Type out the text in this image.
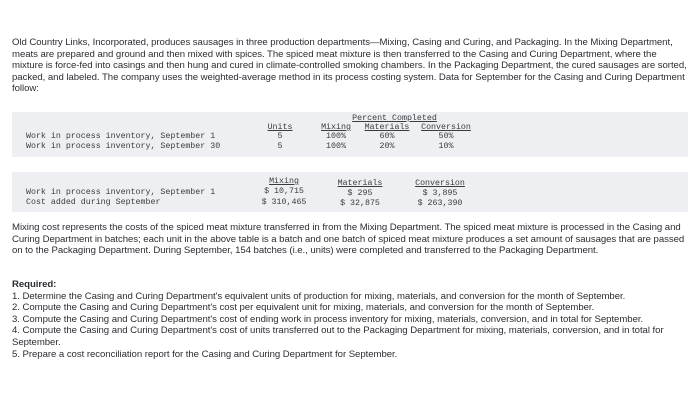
Old Country Links, Incorporated, produces sausages in three production departments—Mixing, Casing and Curing, and Packaging. In the Mixing Department, meats are prepared and ground and then mixed with spices. The spiced meat mixture is then transferred to the Casing and Curing Department, where the mixture is force-fed into casings and then hung and cured in climate-controlled smoking chambers. In the Packaging Department, the cured sausages are sorted, packed, and labeled. The company uses the weighted-average method in its process costing system. Data for September for the Casing and Curing Department follow:
Percent Completed
Units	Mixing	Materials	Conversion
Work in process inventory, September 1	5	100%	60%	50%
Work in process inventory, September 30	5	100%	20%	10%
Mixing	Materials	Conversion
Work in process inventory, September 1	$ 10,715	$ 295	$ 3,895
Cost added during September	$ 310,465	$ 32,875	$ 263,390
Mixing cost represents the costs of the spiced meat mixture transferred in from the Mixing Department. The spiced meat mixture is processed in the Casing and Curing Department in batches; each unit in the above table is a batch and one batch of spiced meat mixture produces a set amount of sausages that are passed on to the Packaging Department. During September, 154 batches (i.e., units) were completed and transferred to the Packaging Department.
Required:
1. Determine the Casing and Curing Department's equivalent units of production for mixing, materials, and conversion for the month of September.
2. Compute the Casing and Curing Department's cost per equivalent unit for mixing, materials, and conversion for the month of September.
3. Compute the Casing and Curing Department's cost of ending work in process inventory for mixing, materials, conversion, and in total for September.
4. Compute the Casing and Curing Department's cost of units transferred out to the Packaging Department for mixing, materials, conversion, and in total for September.
5. Prepare a cost reconciliation report for the Casing and Curing Department for September.
